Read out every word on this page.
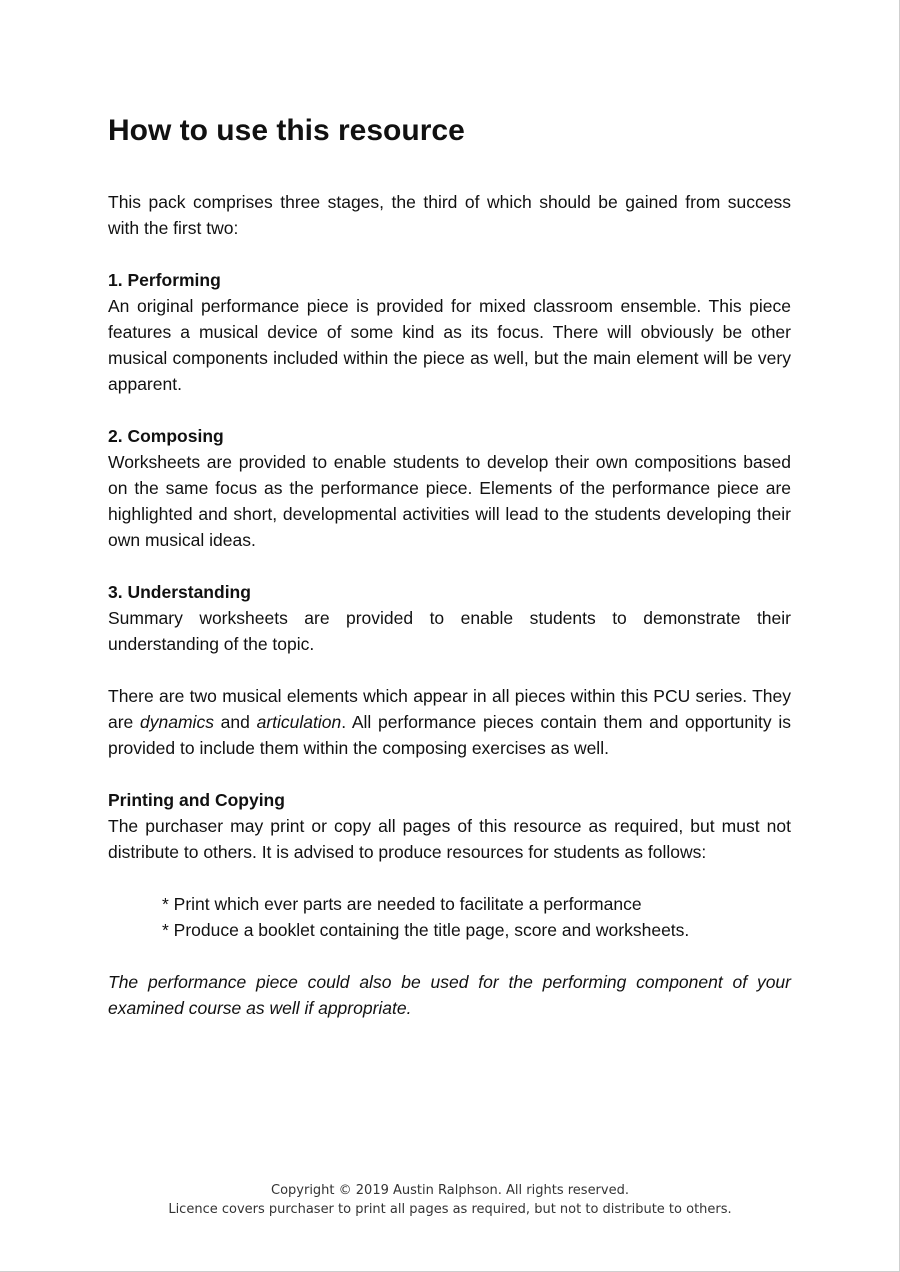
How to use this resource

This pack comprises three stages, the third of which should be gained from success with the first two:

1. Performing

An original performance piece is provided for mixed classroom ensemble. This piece features a musical device of some kind as its focus. There will obviously be other musical components included within the piece as well, but the main element will be very apparent.

2. Composing

Worksheets are provided to enable students to develop their own compositions based on the same focus as the performance piece. Elements of the performance piece are highlighted and short, developmental activities will lead to the students developing their own musical ideas.

3. Understanding

Summary worksheets are provided to enable students to demonstrate their understanding of the topic.

There are two musical elements which appear in all pieces within this PCU series. They are dynamics and articulation. All performance pieces contain them and opportunity is provided to include them within the composing exercises as well.

Printing and Copying

The purchaser may print or copy all pages of this resource as required, but must not distribute to others. It is advised to produce resources for students as follows:

* Print which ever parts are needed to facilitate a performance
* Produce a booklet containing the title page, score and worksheets.

The performance piece could also be used for the performing component of your examined course as well if appropriate.

Copyright © 2019 Austin Ralphson. All rights reserved.
Licence covers purchaser to print all pages as required, but not to distribute to others.
